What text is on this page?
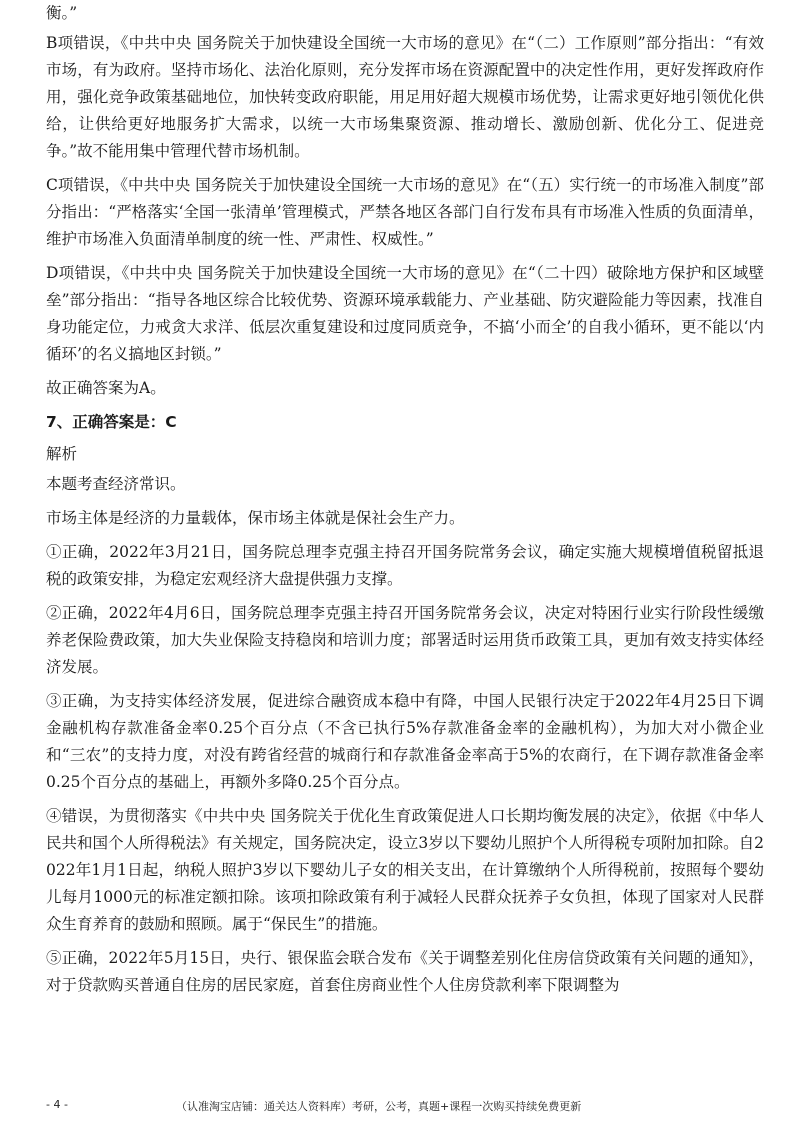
衡。”

B项错误，《中共中央 国务院关于加快建设全国统一大市场的意见》在“（二）工作原则”部分指出：“有效市场，有为政府。坚持市场化、法治化原则，充分发挥市场在资源配置中的决定性作用，更好发挥政府作用，强化竞争政策基础地位，加快转变政府职能，用足用好超大规模市场优势，让需求更好地引领优化供给，让供给更好地服务扩大需求，以统一大市场集聚资源、推动增长、激励创新、优化分工、促进竞争。”故不能用集中管理代替市场机制。

C项错误，《中共中央 国务院关于加快建设全国统一大市场的意见》在“（五）实行统一的市场准入制度”部分指出：“严格落实‘全国一张清单’管理模式，严禁各地区各部门自行发布具有市场准入性质的负面清单，维护市场准入负面清单制度的统一性、严肃性、权威性。”

D项错误，《中共中央 国务院关于加快建设全国统一大市场的意见》在“（二十四）破除地方保护和区域壁垒”部分指出：“指导各地区综合比较优势、资源环境承载能力、产业基础、防灾避险能力等因素，找准自身功能定位，力戒贪大求洋、低层次重复建设和过度同质竞争，不搞‘小而全’的自我小循环，更不能以‘内循环’的名义搞地区封锁。”

故正确答案为A。

7、正确答案是：C

解析

本题考查经济常识。

市场主体是经济的力量载体，保市场主体就是保社会生产力。

①正确，2022年3月21日，国务院总理李克强主持召开国务院常务会议，确定实施大规模增值税留抵退税的政策安排，为稳定宏观经济大盘提供强力支撑。

②正确，2022年4月6日，国务院总理李克强主持召开国务院常务会议，决定对特困行业实行阶段性缓缴养老保险费政策，加大失业保险支持稳岗和培训力度；部署适时运用货币政策工具，更加有效支持实体经济发展。

③正确，为支持实体经济发展，促进综合融资成本稳中有降，中国人民银行决定于2022年4月25日下调金融机构存款准备金率0.25个百分点（不含已执行5%存款准备金率的金融机构），为加大对小微企业和“三农”的支持力度，对没有跨省经营的城商行和存款准备金率高于5%的农商行，在下调存款准备金率0.25个百分点的基础上，再额外多降0.25个百分点。

④错误，为贯彻落实《中共中央 国务院关于优化生育政策促进人口长期均衡发展的决定》，依据《中华人民共和国个人所得税法》有关规定，国务院决定，设立3岁以下婴幼儿照护个人所得税专项附加扣除。自2022年1月1日起，纳税人照护3岁以下婴幼儿子女的相关支出，在计算缴纳个人所得税前，按照每个婴幼儿每月1000元的标准定额扣除。该项扣除政策有利于减轻人民群众抚养子女负担，体现了国家对人民群众生育养育的鼓励和照顾。属于“保民生”的措施。

⑤正确，2022年5月15日，央行、银保监会联合发布《关于调整差别化住房信贷政策有关问题的通知》，对于贷款购买普通自住房的居民家庭，首套住房商业性个人住房贷款利率下限调整为

- 4 -	（认准淘宝店铺：通关达人资料库）考研，公考，真题+课程一次购买持续免费更新
